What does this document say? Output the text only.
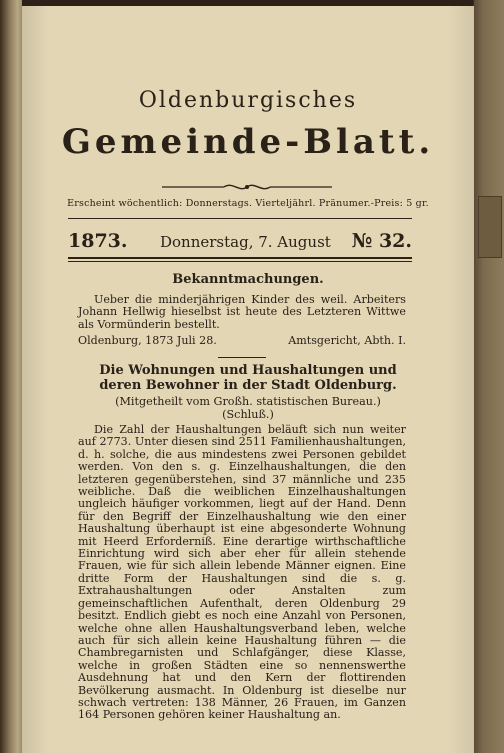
Oldenburgisches
Gemeinde-Blatt.
Erscheint wöchentlich: Donnerstags. Vierteljährl. Pränumer.-Preis: 5 gr.
1873. Donnerstag, 7. August № 32.
Bekanntmachungen.

Ueber die minderjährigen Kinder des weil. Arbeiters Johann Hellwig hieselbst ist heute des Letzteren Wittwe als Vormünderin bestellt.

Oldenburg, 1873 Juli 28.	Amtsgericht, Abth. I.
Die Wohnungen und Haushaltungen und
deren Bewohner in der Stadt Oldenburg.
(Mitgetheilt vom Großh. statistischen Bureau.)
(Schluß.)

Die Zahl der Haushaltungen beläuft sich nun weiter auf 2773. Unter diesen sind 2511 Familienhaushaltungen, d. h. solche, die aus mindestens zwei Personen gebildet werden. Von den s. g. Einzelhaushaltungen, die den letzteren gegenüberstehen, sind 37 männliche und 235 weibliche. Daß die weiblichen Einzelhaushaltungen ungleich häufiger vorkommen, liegt auf der Hand. Denn für den Begriff der Einzelhaushaltung wie den einer Haushaltung überhaupt ist eine abgesonderte Wohnung mit Heerd Erforderniß. Eine derartige wirthschaftliche Einrichtung wird sich aber eher für allein stehende Frauen, wie für sich allein lebende Männer eignen. Eine dritte Form der Haushaltungen sind die s. g. Extrahaushaltungen oder Anstalten zum gemeinschaftlichen Aufenthalt, deren Oldenburg 29 besitzt. Endlich giebt es noch eine Anzahl von Personen, welche ohne allen Haushaltungsverband leben, welche auch für sich allein keine Haushaltung führen — die Chambregarnisten und Schlafgänger, diese Klasse, welche in großen Städten eine so nennenswerthe Ausdehnung hat und den Kern der flottirenden Bevölkerung ausmacht. In Oldenburg ist dieselbe nur schwach vertreten: 138 Männer, 26 Frauen, im Ganzen 164 Personen gehören keiner Haushaltung an.
